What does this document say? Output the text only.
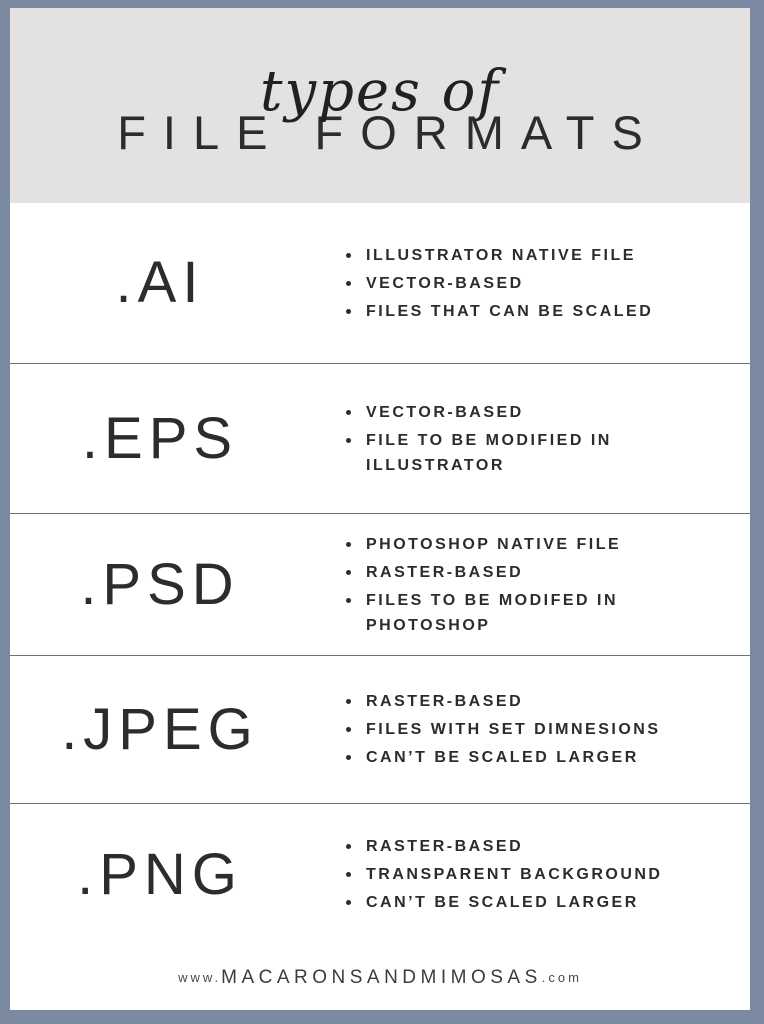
types of
FILE FORMATS
.AI	ILLUSTRATOR NATIVE FILE
VECTOR-BASED
FILES THAT CAN BE SCALED
.EPS	VECTOR-BASED
FILE TO BE MODIFIED IN ILLUSTRATOR
.PSD
PHOTOSHOP NATIVE FILE
RASTER-BASED
FILES TO BE MODIFED IN PHOTOSHOP
.JPEG	RASTER-BASED
FILES WITH SET DIMNESIONS
CAN’T BE SCALED LARGER
.PNG	RASTER-BASED
TRANSPARENT BACKGROUND
CAN’T BE SCALED LARGER
www. MACARONSANDMIMOSAS .com
